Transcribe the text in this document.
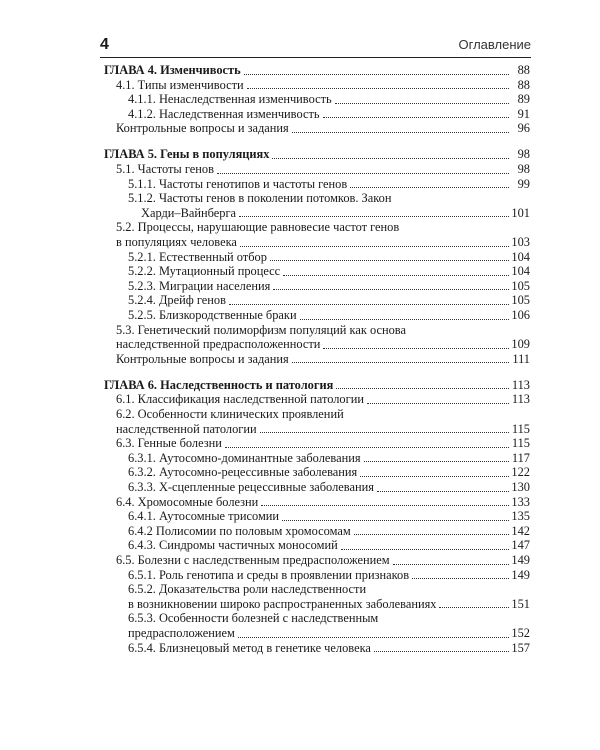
4	Оглавление
ГЛАВА 4. Изменчивость	88
4.1. Типы изменчивости	88
4.1.1. Ненаследственная изменчивость	89
4.1.2. Наследственная изменчивость	91
Контрольные вопросы и задания	96
ГЛАВА 5. Гены в популяциях	98
5.1. Частоты генов	98
5.1.1. Частоты генотипов и частоты генов	99
5.1.2. Частоты генов в поколении потомков. Закон
Харди–Вайнберга	101
5.2. Процессы, нарушающие равновесие частот генов
в популяциях человека	103
5.2.1. Естественный отбор	104
5.2.2. Мутационный процесс	104
5.2.3. Миграции населения	105
5.2.4. Дрейф генов	105
5.2.5. Близкородственные браки	106
5.3. Генетический полиморфизм популяций как основа
наследственной предрасположенности	109
Контрольные вопросы и задания	111
ГЛАВА 6. Наследственность и патология	113
6.1. Классификация наследственной патологии	113
6.2. Особенности клинических проявлений
наследственной патологии	115
6.3. Генные болезни	115
6.3.1. Аутосомно-доминантные заболевания	117
6.3.2. Аутосомно-рецессивные заболевания	122
6.3.3. Х-сцепленные рецессивные заболевания	130
6.4. Хромосомные болезни	133
6.4.1. Аутосомные трисомии	135
6.4.2 Полисомии по половым хромосомам	142
6.4.3. Синдромы частичных моносомий	147
6.5. Болезни с наследственным предрасположением	149
6.5.1. Роль генотипа и среды в проявлении признаков	149
6.5.2. Доказательства роли наследственности
в возникновении широко распространенных заболеваниях	151
6.5.3. Особенности болезней с наследственным
предрасположением	152
6.5.4. Близнецовый метод в генетике человека	157
